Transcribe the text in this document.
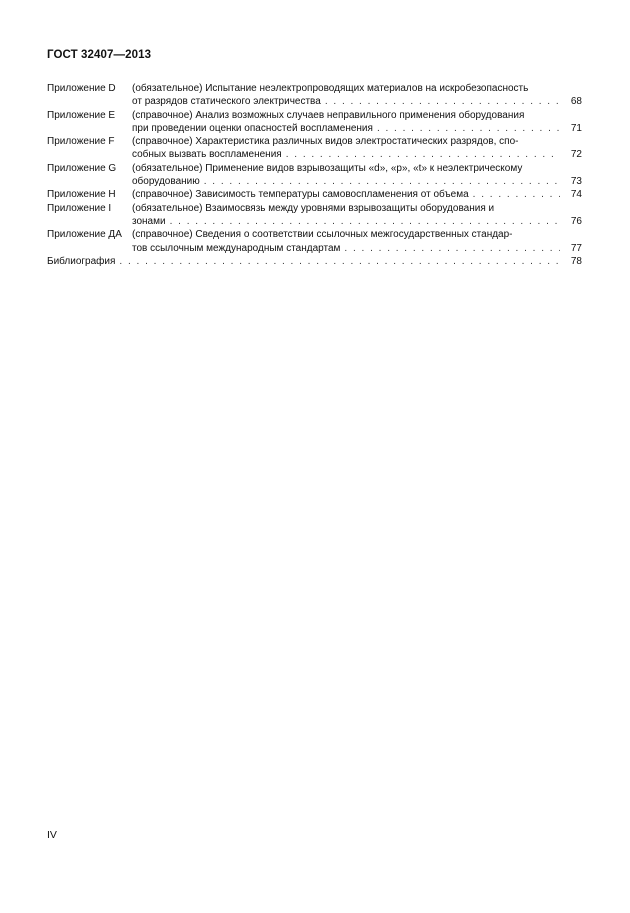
ГОСТ 32407—2013
Приложение D (обязательное) Испытание неэлектропроводящих материалов на искробезопасность
от разрядов статического электричества . . .	68
Приложение E (справочное) Анализ возможных случаев неправильного применения оборудования
при проведении оценки опасностей воспламенения . . .	71
Приложение F (справочное) Характеристика различных видов электростатических разрядов, спо-
собных вызвать воспламенения . . .	72
Приложение G (обязательное) Применение видов взрывозащиты «d», «p», «t» к неэлектрическому
оборудованию . . .	73
Приложение H (справочное) Зависимость температуры самовоспламенения от объема . . .	74
Приложение I (обязательное) Взаимосвязь между уровнями взрывозащиты оборудования и
зонами . . .	76
Приложение ДА (справочное) Сведения о соответствии ссылочных межгосударственных стандар-
тов ссылочным международным стандартам . . .	77
Библиография . . .	78
IV
